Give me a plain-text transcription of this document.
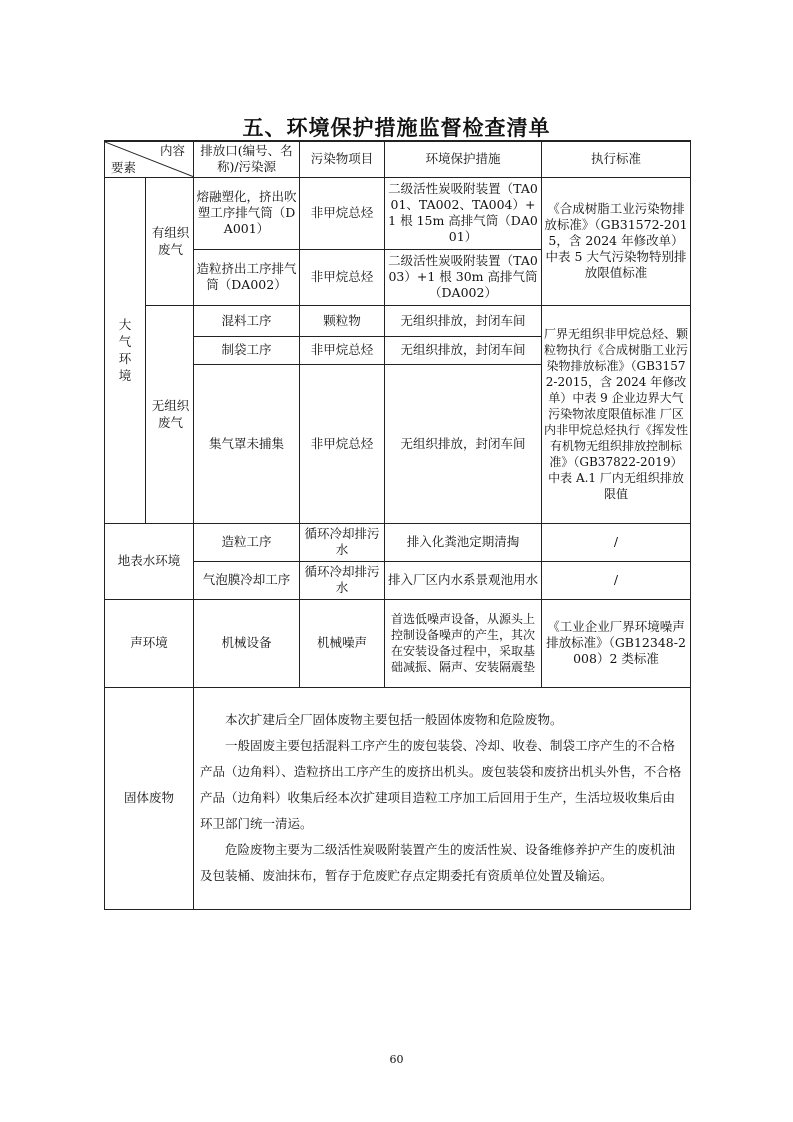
五、环境保护措施监督检查清单
内容
要素		排放口(编号、名称)/污染源	污染物项目	环境保护措施	执行标准
大气环境	有组织废气	熔融塑化，挤出吹塑工序排气筒（DA001）	非甲烷总烃	二级活性炭吸附装置（TA001、TA002、TA004）+1 根 15m 高排气筒（DA001）	《合成树脂工业污染物排放标准》（GB31572-2015，含 2024 年修改单）中表 5 大气污染物特别排放限值标准
		造粒挤出工序排气筒（DA002）	非甲烷总烃	二级活性炭吸附装置（TA003）+1 根 30m 高排气筒（DA002）	
	无组织废气	混料工序	颗粒物	无组织排放，封闭车间	厂界无组织非甲烷总烃、颗粒物执行《合成树脂工业污染物排放标准》（GB31572-2015，含 2024 年修改单）中表 9 企业边界大气污染物浓度限值标准 厂区内非甲烷总烃执行《挥发性有机物无组织排放控制标准》（GB37822-2019）中表 A.1 厂内无组织排放限值
		制袋工序	非甲烷总烃	无组织排放，封闭车间	
		集气罩未捕集	非甲烷总烃	无组织排放，封闭车间	
地表水环境		造粒工序	循环冷却排污水	排入化粪池定期清掏	/
		气泡膜冷却工序	循环冷却排污水	排入厂区内水系景观池用水	/
声环境		机械设备	机械噪声	首选低噪声设备，从源头上控制设备噪声的产生，其次在安装设备过程中，采取基础减振、隔声、安装隔震垫	《工业企业厂界环境噪声排放标准》（GB12348-2008）2 类标准
固体废物		本次扩建后全厂固体废物主要包括一般固体废物和危险废物。

一般固废主要包括混料工序产生的废包装袋、冷却、收卷、制袋工序产生的不合格产品（边角料）、造粒挤出工序产生的废挤出机头。废包装袋和废挤出机头外售，不合格产品（边角料）收集后经本次扩建项目造粒工序加工后回用于生产，生活垃圾收集后由环卫部门统一清运。

危险废物主要为二级活性炭吸附装置产生的废活性炭、设备维修养护产生的废机油及包装桶、废油抹布，暂存于危废贮存点定期委托有资质单位处置及输运。			

60
